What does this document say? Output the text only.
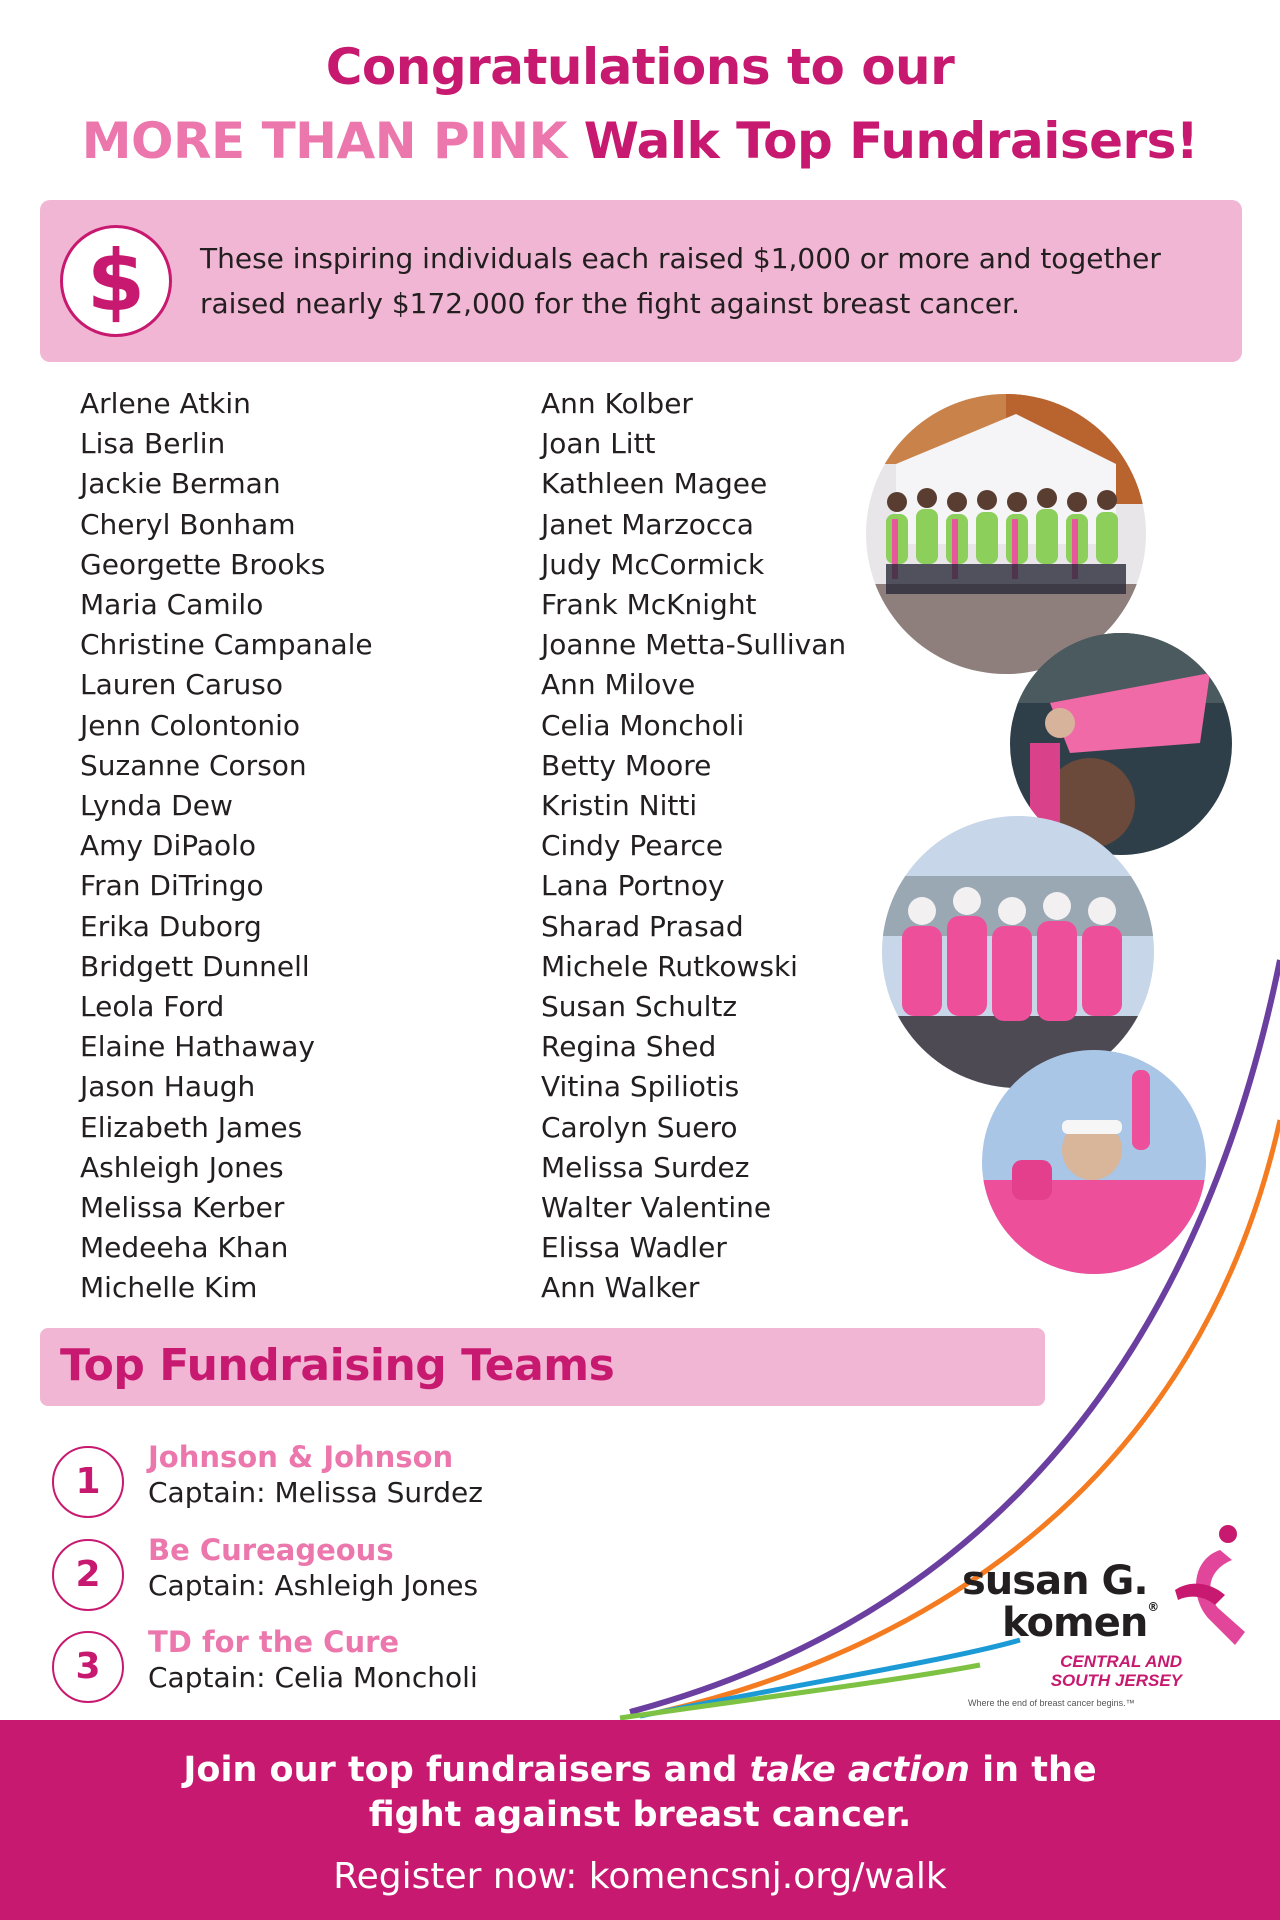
Congratulations to our
MORE THAN PINK Walk Top Fundraisers!
$	These inspiring individuals each raised $1,000 or more and together
raised nearly $172,000 for the fight against breast cancer.
Arlene Atkin
Lisa Berlin
Jackie Berman
Cheryl Bonham
Georgette Brooks
Maria Camilo
Christine Campanale
Lauren Caruso
Jenn Colontonio
Suzanne Corson
Lynda Dew
Amy DiPaolo
Fran DiTringo
Erika Duborg
Bridgett Dunnell
Leola Ford
Elaine Hathaway
Jason Haugh
Elizabeth James
Ashleigh Jones
Melissa Kerber
Medeeha Khan
Michelle Kim
Ann Kolber
Joan Litt
Kathleen Magee
Janet Marzocca
Judy McCormick
Frank McKnight
Joanne Metta-Sullivan
Ann Milove
Celia Moncholi
Betty Moore
Kristin Nitti
Cindy Pearce
Lana Portnoy
Sharad Prasad
Michele Rutkowski
Susan Schultz
Regina Shed
Vitina Spiliotis
Carolyn Suero
Melissa Surdez
Walter Valentine
Elissa Wadler
Ann Walker
Top Fundraising Teams
1
Johnson & Johnson
Captain: Melissa Surdez
2
Be Cureageous
Captain: Ashleigh Jones
3
TD for the Cure
Captain: Celia Moncholi
susan G.
komen®
CENTRAL AND
SOUTH JERSEY
Where the end of breast cancer begins.™
Join our top fundraisers and take action in the
fight against breast cancer.
Register now: komencsnj.org/walk
